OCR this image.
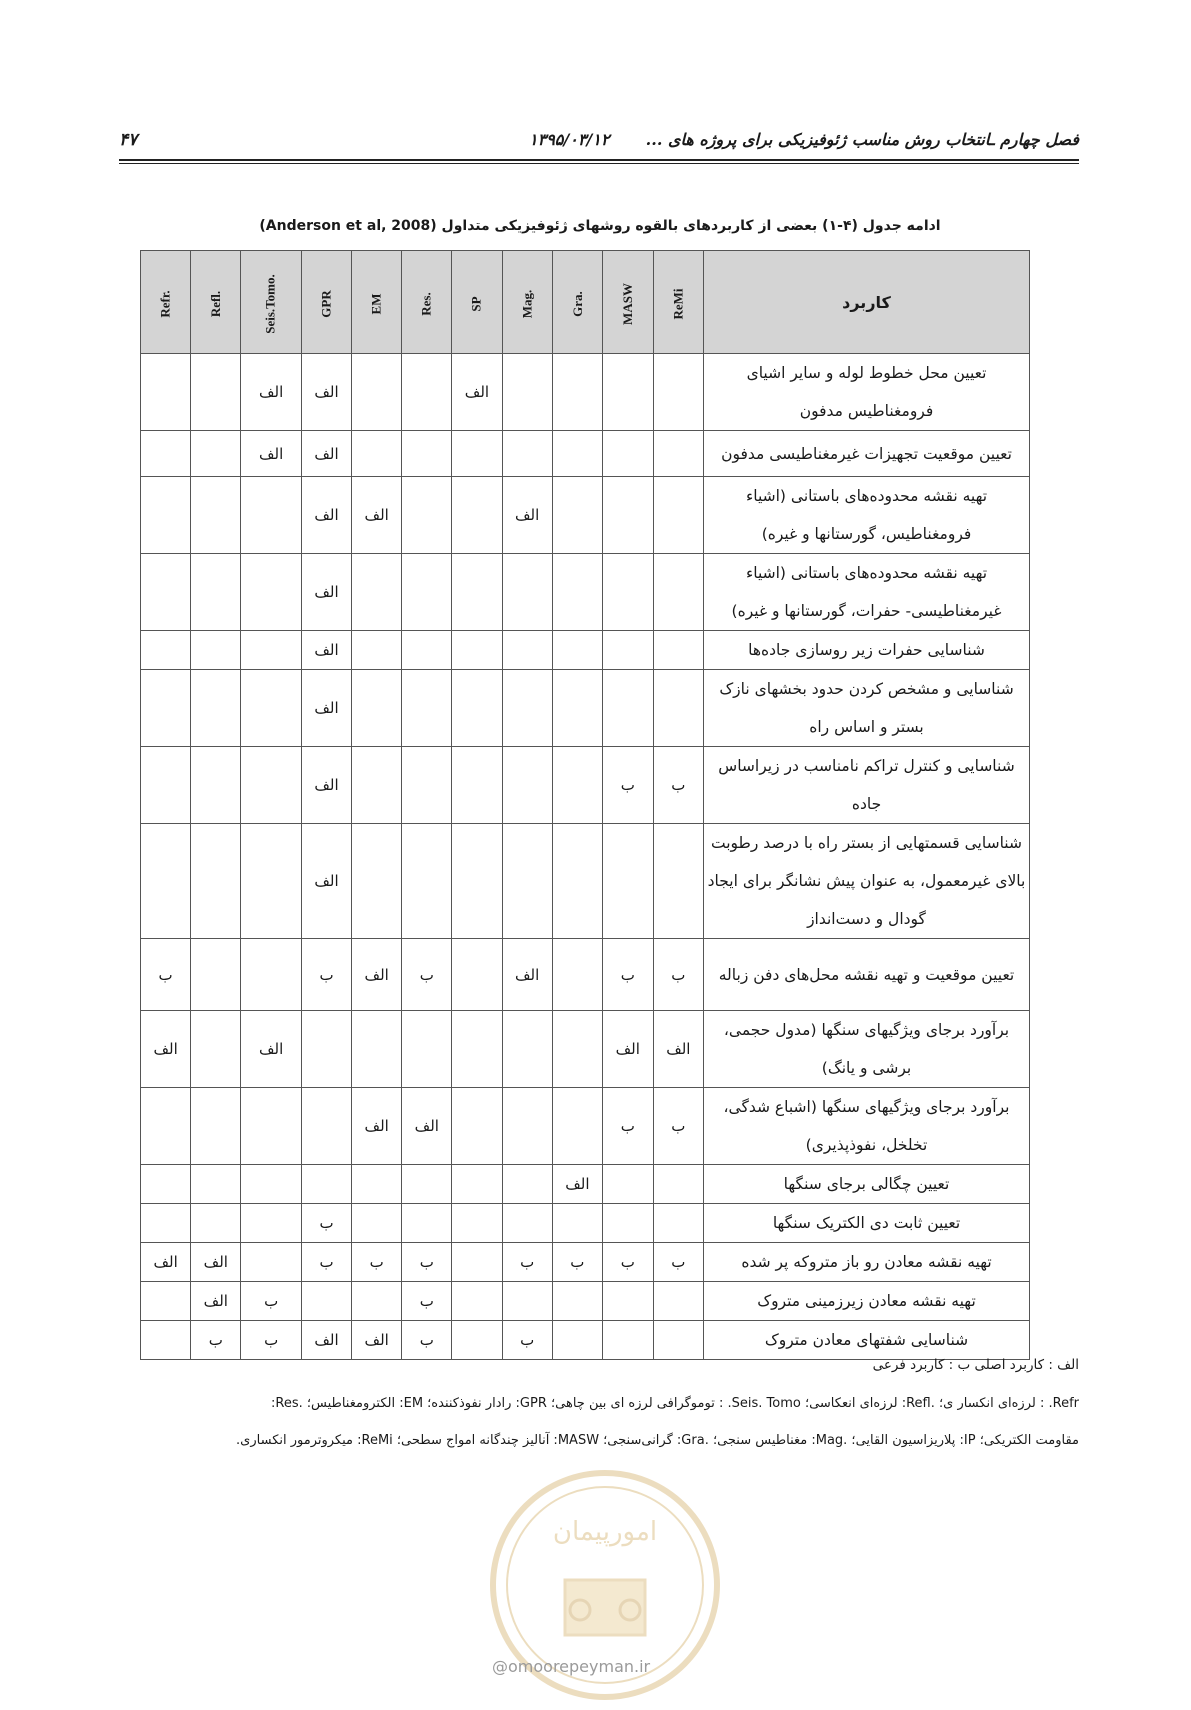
۴۷	۱۳۹۵/۰۳/۱۲ فصل چهارم ـانتخاب روش مناسب ژئوفیزیکی برای پروژه های ...
ادامه جدول (۴-۱) بعضی از کاربردهای بالقوه روشهای ژئوفیزیکی متداول (Anderson et al, 2008)
Refr.	Refl.	Seis.Tomo.	GPR	EM	Res.	SP	Mag.	Gra.	MASW	ReMi	کاربرد
		الف	الف			الف					تعیین محل خطوط لوله و سایر اشیای فرومغناطیس مدفون
		الف	الف								تعیین موقعیت تجهیزات غیرمغناطیسی مدفون
			الف	الف			الف				تهیه نقشه محدوده‌های باستانی (اشیاء فرومغناطیس، گورستانها و غیره)
			الف								تهیه نقشه محدوده‌های باستانی (اشیاء غیرمغناطیسی- حفرات، گورستانها و غیره)
			الف								شناسایی حفرات زیر روسازی جاده‌ها
			الف								شناسایی و مشخص کردن حدود بخشهای نازک بستر و اساس راه
			الف						ب	ب	شناسایی و کنترل تراکم نامناسب در زیراساس جاده
			الف								شناسایی قسمتهایی از بستر راه با درصد رطوبت بالای غیرمعمول، به عنوان پیش نشانگر برای ایجاد گودال و دست‌انداز
ب			ب	الف	ب		الف		ب	ب	تعیین موقعیت و تهیه نقشه محل‌های دفن زباله
الف		الف							الف	الف	برآورد برجای ویژگیهای سنگها (مدول حجمی، برشی و یانگ)
				الف	الف				ب	ب	برآورد برجای ویژگیهای سنگها (اشباع شدگی، تخلخل، نفوذپذیری)
								الف			تعیین چگالی برجای سنگها
			ب								تعیین ثابت دی الکتریک سنگها
الف	الف		ب	ب	ب		ب	ب	ب	ب	تهیه نقشه معادن رو باز متروکه پر شده
	الف	ب			ب						تهیه نقشه معادن زیرزمینی متروک
	ب	ب	الف	الف	ب		ب				شناسایی شفتهای معادن متروک
الف : کاربرد اصلی ب : کاربرد فرعی
Refr. : لرزه‌ای انکسار ی؛ .Refl: لرزه‌ای انعکاسی؛ Seis. Tomo. : توموگرافی لرزه ای بین چاهی؛ GPR: رادار نفوذکننده؛ EM: الکترومغناطیس؛ .Res:
مقاومت الکتریکی؛ IP: پلاریزاسیون القایی؛ .Mag: مغناطیس سنجی؛ .Gra: گرانی‌سنجی؛ MASW: آنالیز چندگانه امواج سطحی؛ ReMi: میکروترمور انکساری.
امورپیمان
@omoorepeyman.ir
